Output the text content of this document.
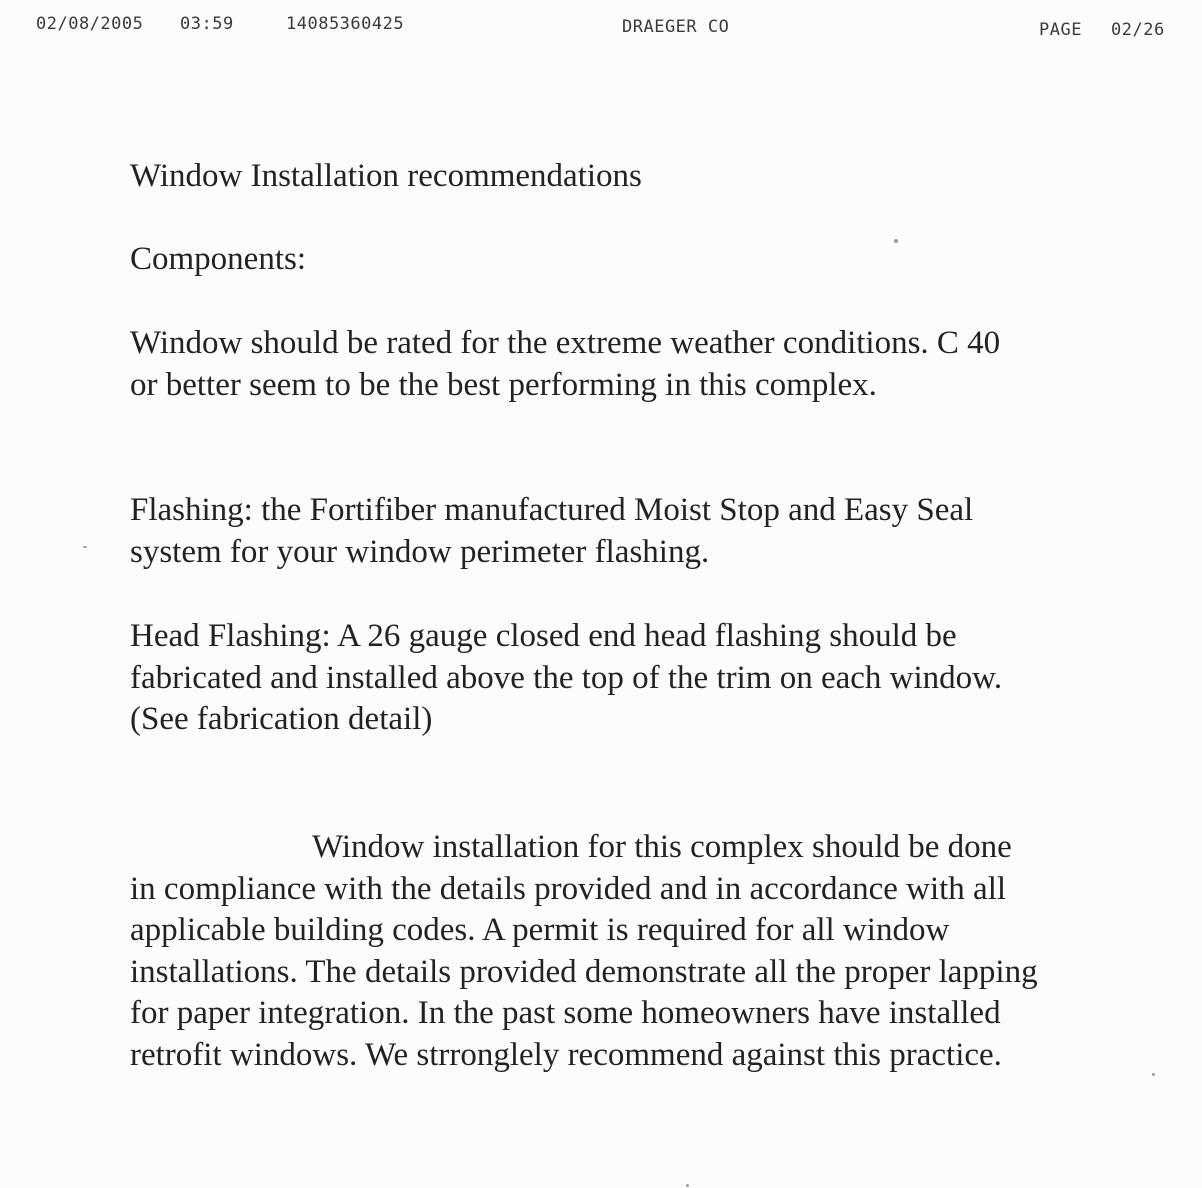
02/08/2005 03:59	14085360425	DRAEGER CO	PAGE 02/26

Window Installation recommendations

Components:

Window should be rated for the extreme weather conditions. C 40 or better seem to be the best performing in this complex.

Flashing: the Fortifiber manufactured Moist Stop and Easy Seal system for your window perimeter flashing.

Head Flashing: A 26 gauge closed end head flashing should be fabricated and installed above the top of the trim on each window. (See fabrication detail)

Window installation for this complex should be done in compliance with the details provided and in accordance with all applicable building codes. A permit is required for all window installations. The details provided demonstrate all the proper lapping for paper integration. In the past some homeowners have installed retrofit windows. We strronglely recommend against this practice.
